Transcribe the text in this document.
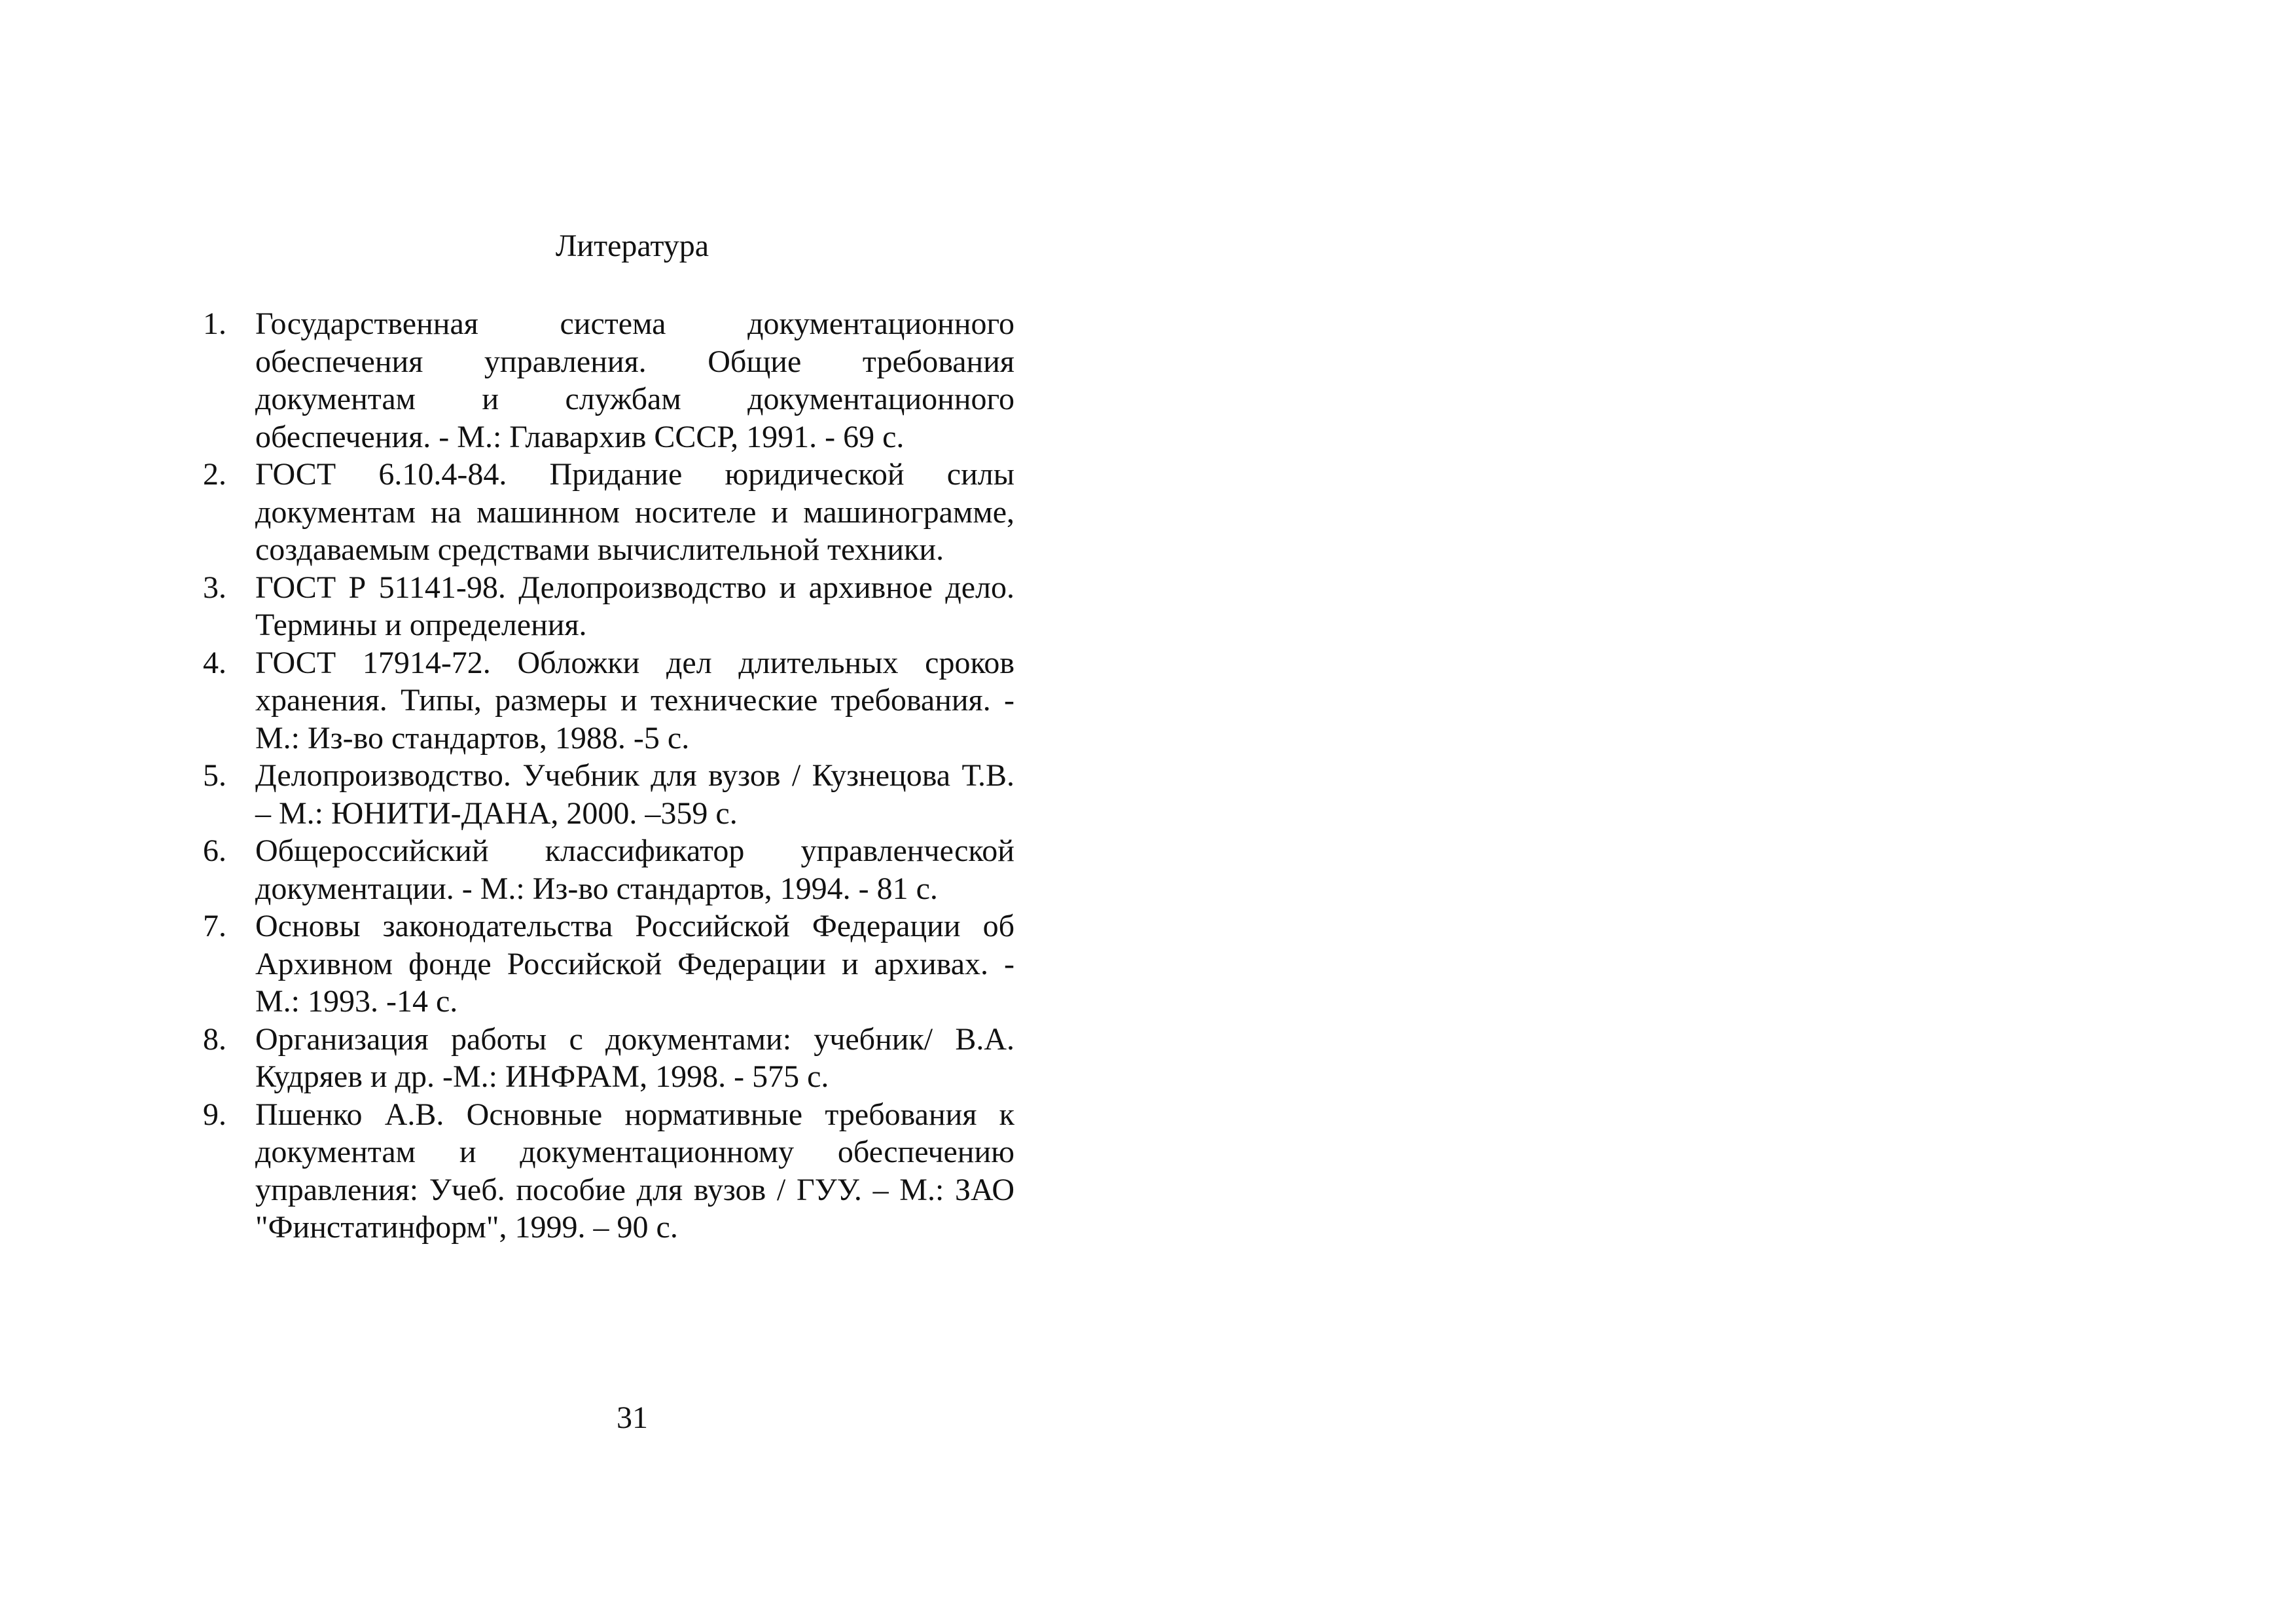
Литература
1. Государственная система документационного обеспечения управления. Общие требования документам и службам документационного обеспечения. - М.: Главархив СССР, 1991. - 69 с.
2. ГОСТ 6.10.4-84. Придание юридической силы документам на машинном носителе и машинограмме, создаваемым средствами вычислительной техники.
3. ГОСТ Р 51141-98. Делопроизводство и архивное дело. Термины и определения.
4. ГОСТ 17914-72. Обложки дел длительных сроков хранения. Типы, размеры и технические требования. - М.: Из-во стандартов, 1988. -5 с.
5. Делопроизводство. Учебник для вузов / Кузнецова Т.В. – М.: ЮНИТИ-ДАНА, 2000. –359 с.
6. Общероссийский классификатор управленческой документации. - М.: Из-во стандартов, 1994. - 81 с.
7. Основы законодательства Российской Федерации об Архивном фонде Российской Федерации и архивах. - М.: 1993. -14 с.
8. Организация работы с документами: учебник/ В.А. Кудряев и др. -М.: ИНФРАМ, 1998. - 575 с.
9. Пшенко А.В. Основные нормативные требования к документам и документационному обеспечению управления: Учеб. пособие для вузов / ГУУ. – М.: ЗАО "Финстатинформ", 1999. – 90 с.
31
